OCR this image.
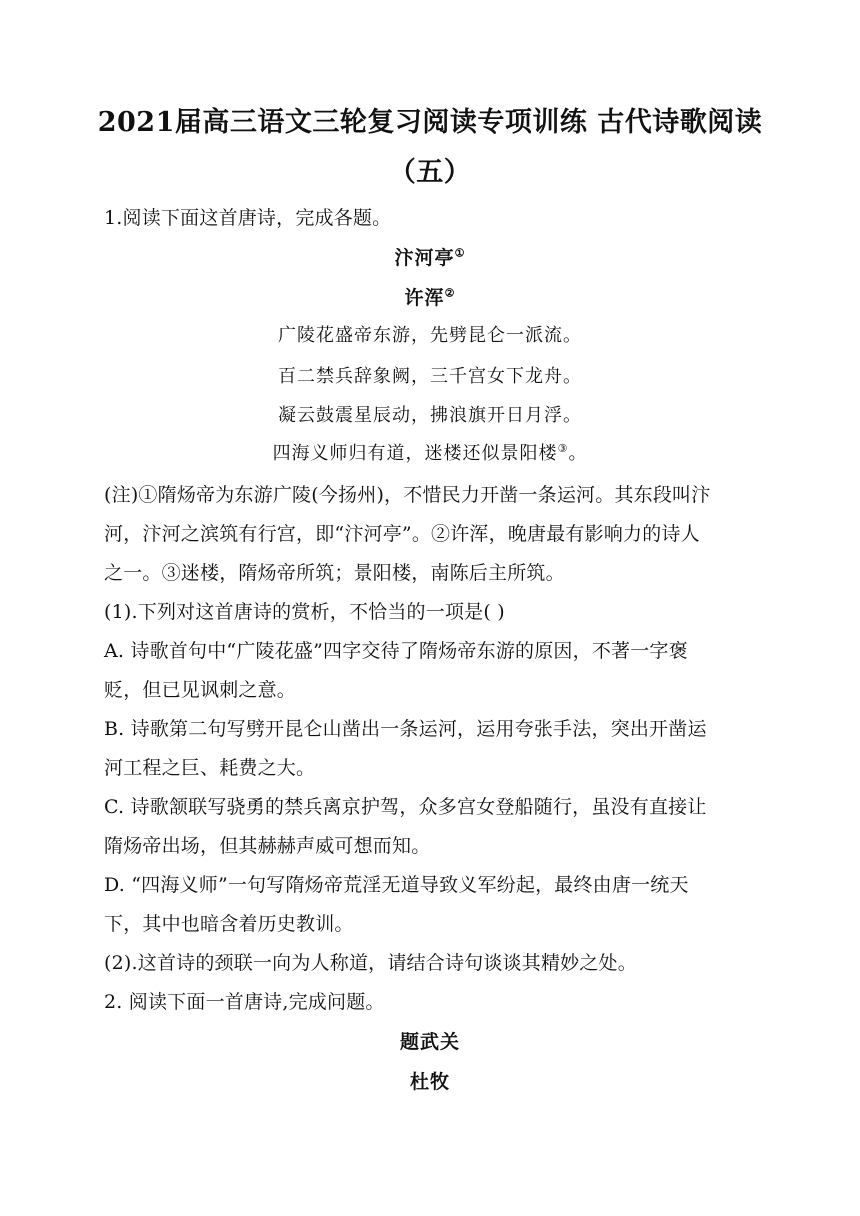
2021届高三语文三轮复习阅读专项训练 古代诗歌阅读
（五）
1.阅读下面这首唐诗，完成各题。
汴河亭①
许浑②
广陵花盛帝东游，先劈昆仑一派流。
百二禁兵辞象阙，三千宫女下龙舟。
凝云鼓震星辰动，拂浪旗开日月浮。
四海义师归有道，迷楼还似景阳楼③。
(注)①隋炀帝为东游广陵(今扬州)，不惜民力开凿一条运河。其东段叫汴
河，汴河之滨筑有行宫，即“汴河亭”。②许浑，晚唐最有影响力的诗人
之一。③迷楼，隋炀帝所筑；景阳楼，南陈后主所筑。
(1).下列对这首唐诗的赏析，不恰当的一项是( )
A. 诗歌首句中“广陵花盛”四字交待了隋炀帝东游的原因，不著一字褒
贬，但已见讽刺之意。
B. 诗歌第二句写劈开昆仑山凿出一条运河，运用夸张手法，突出开凿运
河工程之巨、耗费之大。
C. 诗歌颔联写骁勇的禁兵离京护驾，众多宫女登船随行，虽没有直接让
隋炀帝出场，但其赫赫声威可想而知。
D. “四海义师”一句写隋炀帝荒淫无道导致义军纷起，最终由唐一统天
下，其中也暗含着历史教训。
(2).这首诗的颈联一向为人称道，请结合诗句谈谈其精妙之处。
2. 阅读下面一首唐诗,完成问题。
题武关
杜牧
